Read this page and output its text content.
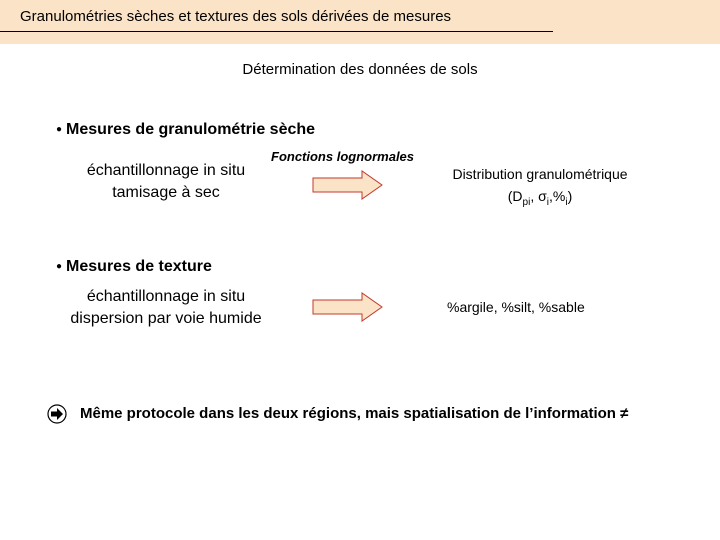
Granulométries sèches et textures des sols dérivées de mesures
Détermination des données de sols
● Mesures de granulométrie sèche
échantillonnage in situ
tamisage à sec
Fonctions lognormales
Distribution granulométrique
($D_{pi}$, $\sigma_i,\%_i$)
● Mesures de texture
échantillonnage in situ
dispersion par voie humide
%argile, %silt, %sable
Même protocole dans les deux régions, mais spatialisation de l’information ≠
